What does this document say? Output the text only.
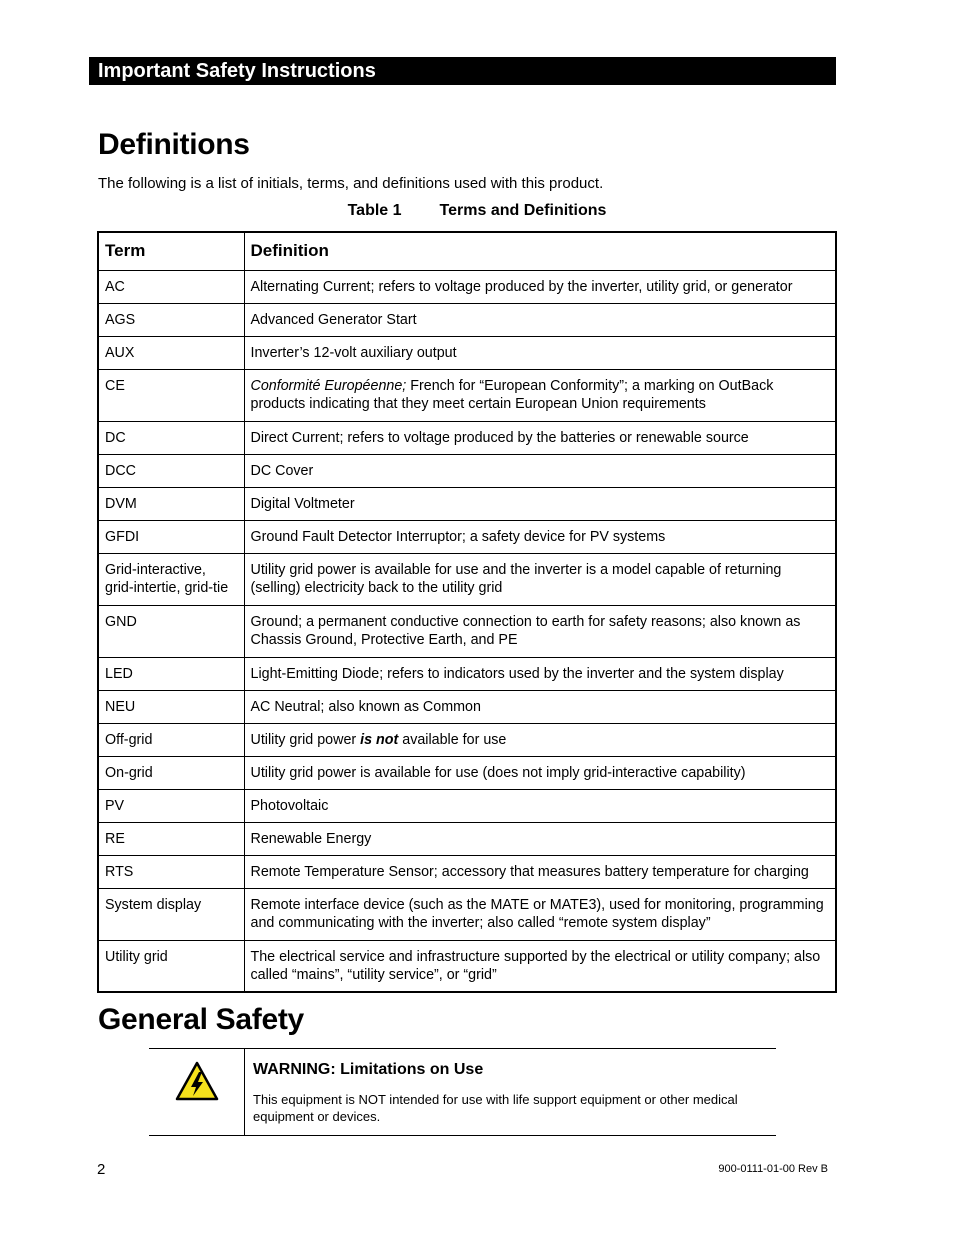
Important Safety Instructions
Definitions
The following is a list of initials, terms, and definitions used with this product.
Table 1 Terms and Definitions
Term	Definition
AC	Alternating Current; refers to voltage produced by the inverter, utility grid, or generator
AGS	Advanced Generator Start
AUX	Inverter’s 12-volt auxiliary output
CE	Conformité Européenne; French for “European Conformity”; a marking on OutBack products indicating that they meet certain European Union requirements
DC	Direct Current; refers to voltage produced by the batteries or renewable source
DCC	DC Cover
DVM	Digital Voltmeter
GFDI	Ground Fault Detector Interruptor; a safety device for PV systems
Grid-interactive, grid-intertie, grid-tie	Utility grid power is available for use and the inverter is a model capable of returning (selling) electricity back to the utility grid
GND	Ground; a permanent conductive connection to earth for safety reasons; also known as Chassis Ground, Protective Earth, and PE
LED	Light-Emitting Diode; refers to indicators used by the inverter and the system display
NEU	AC Neutral; also known as Common
Off-grid	Utility grid power is not available for use
On-grid	Utility grid power is available for use (does not imply grid-interactive capability)
PV	Photovoltaic
RE	Renewable Energy
RTS	Remote Temperature Sensor; accessory that measures battery temperature for charging
System display	Remote interface device (such as the MATE or MATE3), used for monitoring, programming and communicating with the inverter; also called “remote system display”
Utility grid	The electrical service and infrastructure supported by the electrical or utility company; also called “mains”, “utility service”, or “grid”
General Safety
WARNING: Limitations on Use
This equipment is NOT intended for use with life support equipment or other medical equipment or devices.
2	900-0111-01-00 Rev B
